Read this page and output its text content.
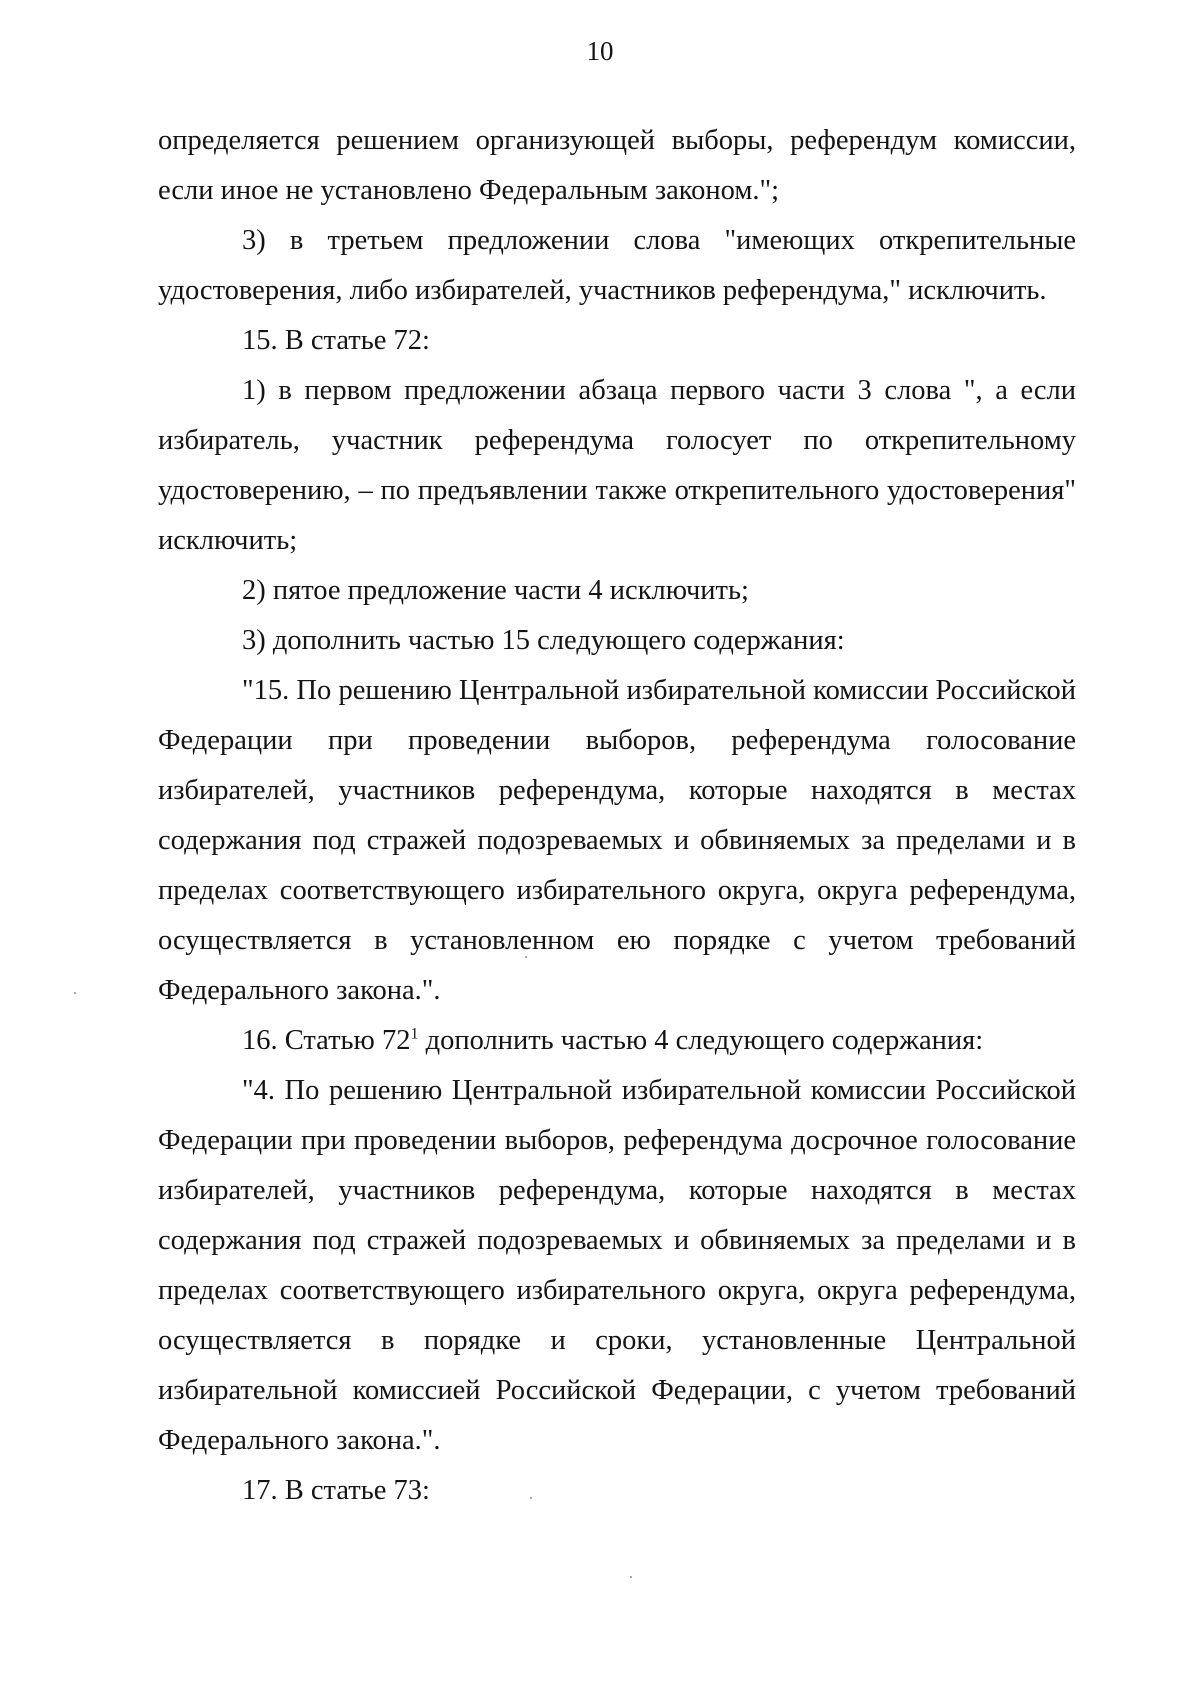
10

определяется решением организующей выборы, референдум комиссии, если иное не установлено Федеральным законом.";

3) в третьем предложении слова "имеющих открепительные удостоверения, либо избирателей, участников референдума," исключить.

15. В статье 72:

1) в первом предложении абзаца первого части 3 слова ", а если избиратель, участник референдума голосует по открепительному удостоверению, – по предъявлении также открепительного удостоверения" исключить;

2) пятое предложение части 4 исключить;

3) дополнить частью 15 следующего содержания:

"15. По решению Центральной избирательной комиссии Российской Федерации при проведении выборов, референдума голосование избирателей, участников референдума, которые находятся в местах содержания под стражей подозреваемых и обвиняемых за пределами и в пределах соответствующего избирательного округа, округа референдума, осуществляется в установленном ею порядке с учетом требований Федерального закона.".

16. Статью $72^1$ дополнить частью 4 следующего содержания:

"4. По решению Центральной избирательной комиссии Российской Федерации при проведении выборов, референдума досрочное голосование избирателей, участников референдума, которые находятся в местах содержания под стражей подозреваемых и обвиняемых за пределами и в пределах соответствующего избирательного округа, округа референдума, осуществляется в порядке и сроки, установленные Центральной избирательной комиссией Российской Федерации, с учетом требований Федерального закона.".

17. В статье 73:
